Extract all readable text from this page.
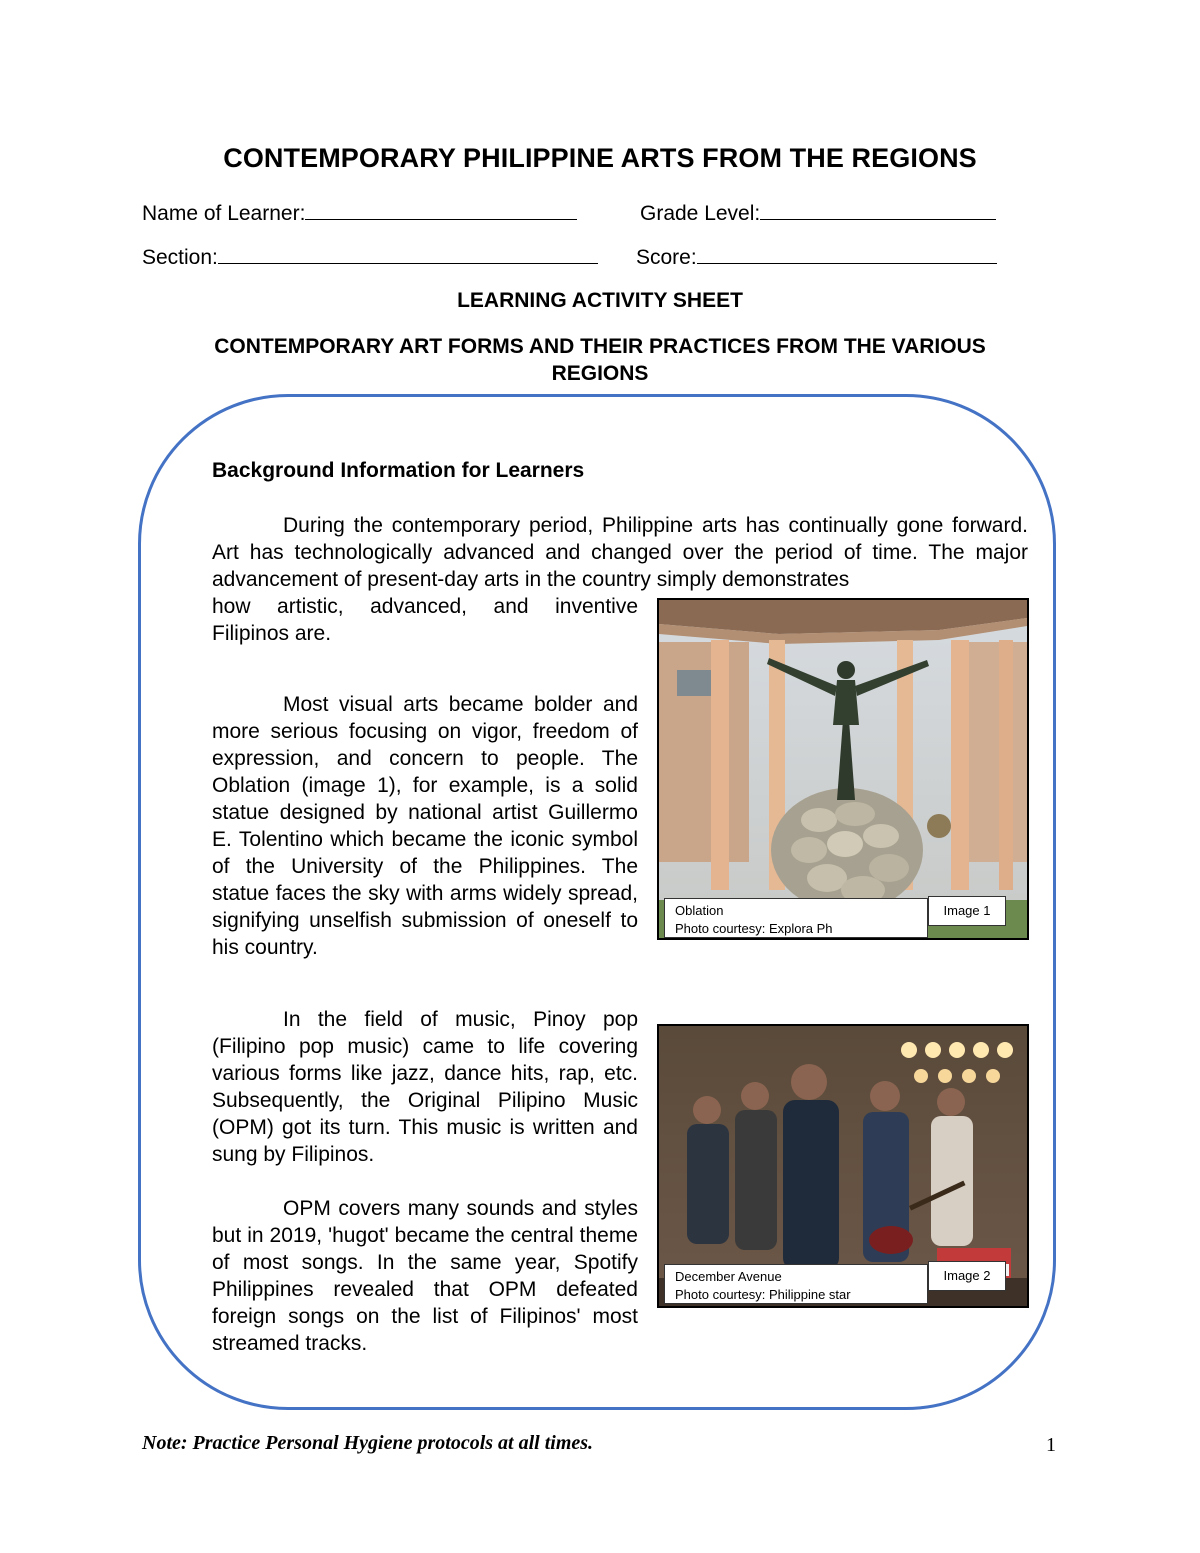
CONTEMPORARY PHILIPPINE ARTS FROM THE REGIONS
Name of Learner:	Grade Level:
Section:	Score:
LEARNING ACTIVITY SHEET
CONTEMPORARY ART FORMS AND THEIR PRACTICES FROM THE VARIOUS
REGIONS
Background Information for Learners
During the contemporary period, Philippine arts has continually gone forward. Art has technologically advanced and changed over the period of time. The major advancement of present-day arts in the country simply demonstrates
how artistic, advanced, and inventive Filipinos are.
Most visual arts became bolder and more serious focusing on vigor, freedom of expression, and concern to people. The Oblation (image 1), for example, is a solid statue designed by national artist Guillermo E. Tolentino which became the iconic symbol of the University of the Philippines. The statue faces the sky with arms widely spread, signifying unselfish submission of oneself to his country.
In the field of music, Pinoy pop (Filipino pop music) came to life covering various forms like jazz, dance hits, rap, etc. Subsequently, the Original Pilipino Music (OPM) got its turn. This music is written and sung by Filipinos.
OPM covers many sounds and styles but in 2019, 'hugot' became the central theme of most songs. In the same year, Spotify Philippines revealed that OPM defeated foreign songs on the list of Filipinos' most streamed tracks.
Oblation
Photo courtesy: Explora Ph
Image 1
December Avenue
Photo courtesy: Philippine star
Image 2
Note: Practice Personal Hygiene protocols at all times.	1
